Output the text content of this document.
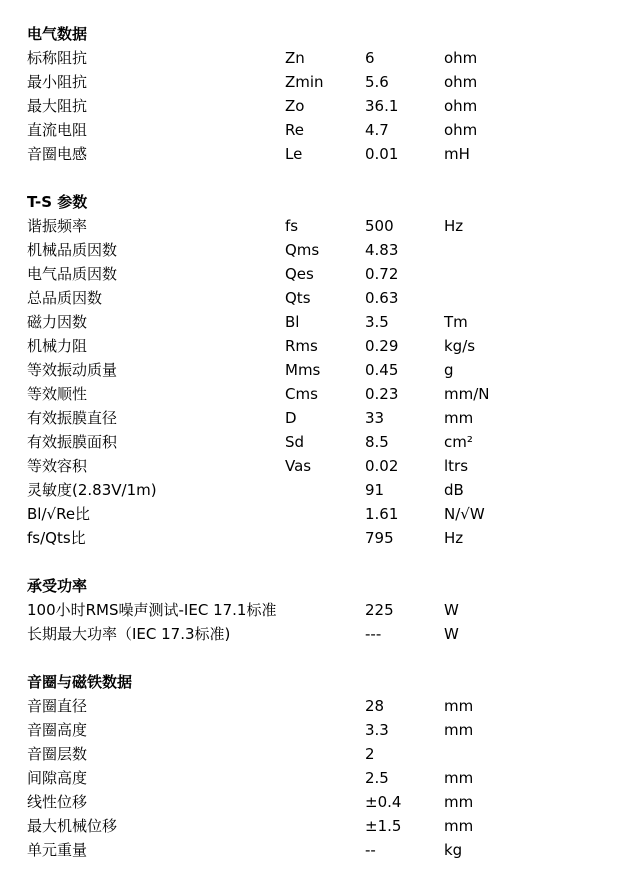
电气数据
标称阻抗	Zn	6	ohm
最小阻抗	Zmin	5.6	ohm
最大阻抗	Zo	36.1	ohm
直流电阻	Re	4.7	ohm
音圈电感	Le	0.01	mH
T-S 参数
谐振频率	fs	500	Hz
机械品质因数	Qms	4.83
电气品质因数	Qes	0.72
总品质因数	Qts	0.63
磁力因数	Bl	3.5	Tm
机械力阻	Rms	0.29	kg/s
等效振动质量	Mms	0.45	g
等效顺性	Cms	0.23	mm/N
有效振膜直径	D	33	mm
有效振膜面积	Sd	8.5	cm²
等效容积	Vas	0.02	ltrs
灵敏度(2.83V/1m)	91	dB
Bl/√Re比	1.61	N/√W
fs/Qts比	795	Hz
承受功率
100小时RMS噪声测试-IEC 17.1标准	225	W
长期最大功率（IEC 17.3标准)	---	W
音圈与磁铁数据
音圈直径	28	mm
音圈高度	3.3	mm
音圈层数	2
间隙高度	2.5	mm
线性位移	±0.4	mm
最大机械位移	±1.5	mm
单元重量	--	kg
